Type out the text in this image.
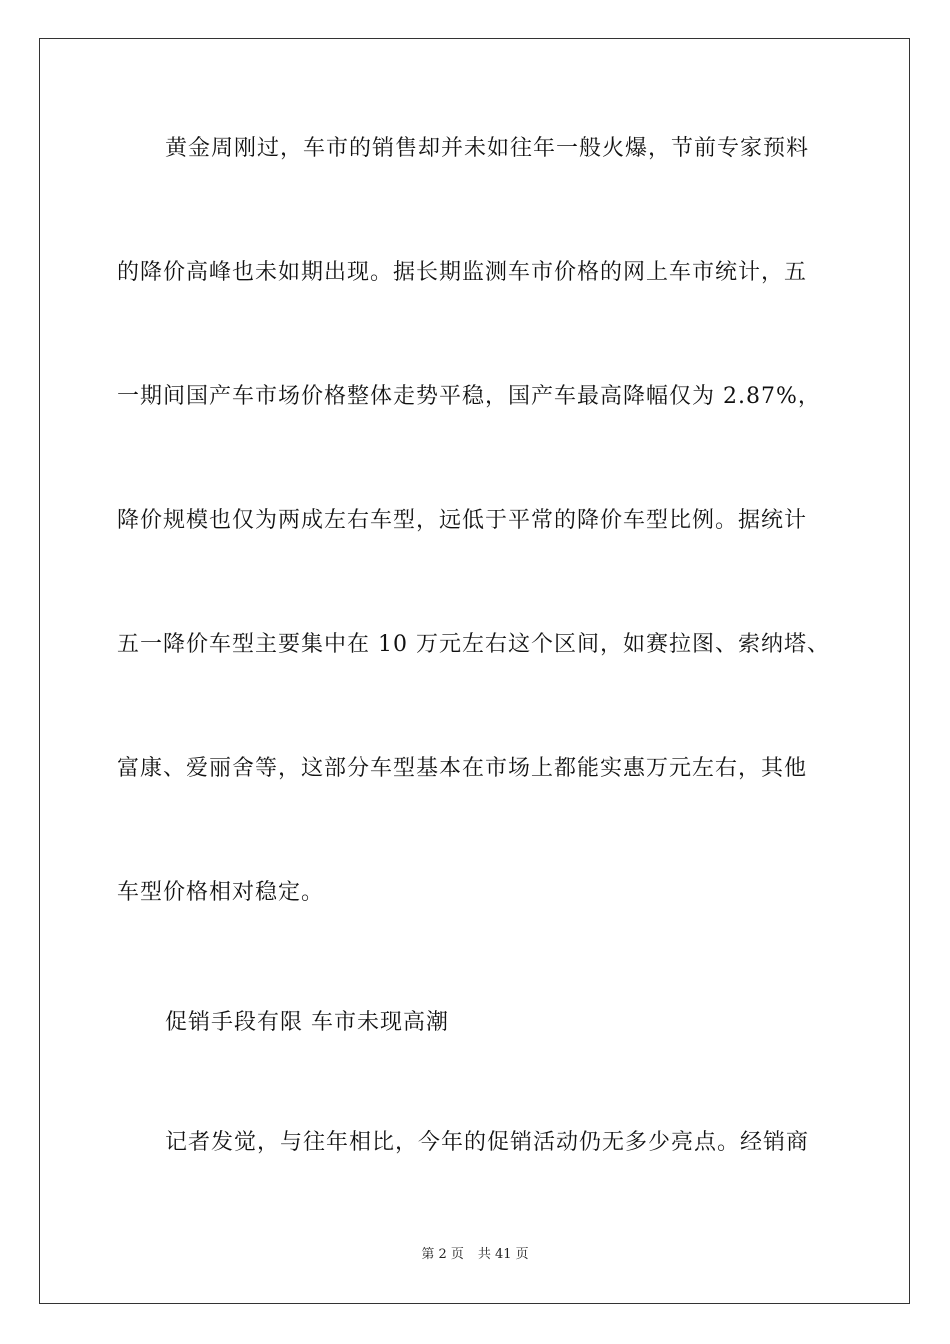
黄金周刚过，车市的销售却并未如往年一般火爆，节前专家预料
的降价高峰也未如期出现。据长期监测车市价格的网上车市统计，五
一期间国产车市场价格整体走势平稳，国产车最高降幅仅为 2.87%，
降价规模也仅为两成左右车型，远低于平常的降价车型比例。据统计
五一降价车型主要集中在 10 万元左右这个区间，如赛拉图、索纳塔、
富康、爱丽舍等，这部分车型基本在市场上都能实惠万元左右，其他
车型价格相对稳定。
促销手段有限 车市未现高潮
记者发觉，与往年相比，今年的促销活动仍无多少亮点。经销商
第 2 页 共 41 页
